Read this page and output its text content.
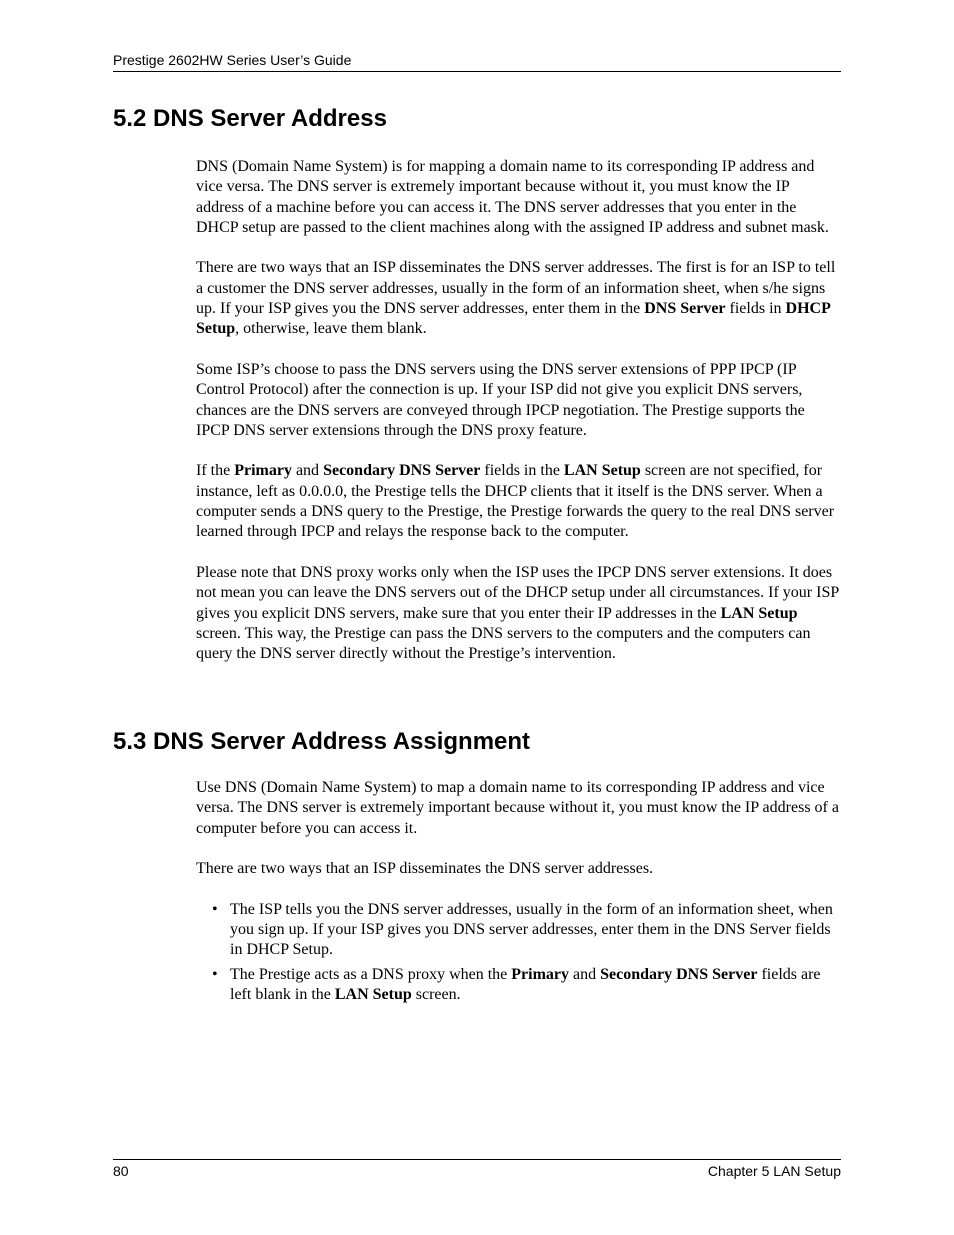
Prestige 2602HW Series User’s Guide
5.2 DNS Server Address

DNS (Domain Name System) is for mapping a domain name to its corresponding IP address and vice versa. The DNS server is extremely important because without it, you must know the IP address of a machine before you can access it. The DNS server addresses that you enter in the DHCP setup are passed to the client machines along with the assigned IP address and subnet mask.

There are two ways that an ISP disseminates the DNS server addresses. The first is for an ISP to tell a customer the DNS server addresses, usually in the form of an information sheet, when s/he signs up. If your ISP gives you the DNS server addresses, enter them in the DNS Server fields in DHCP Setup, otherwise, leave them blank.

Some ISP’s choose to pass the DNS servers using the DNS server extensions of PPP IPCP (IP Control Protocol) after the connection is up. If your ISP did not give you explicit DNS servers, chances are the DNS servers are conveyed through IPCP negotiation. The Prestige supports the IPCP DNS server extensions through the DNS proxy feature.

If the Primary and Secondary DNS Server fields in the LAN Setup screen are not specified, for instance, left as 0.0.0.0, the Prestige tells the DHCP clients that it itself is the DNS server. When a computer sends a DNS query to the Prestige, the Prestige forwards the query to the real DNS server learned through IPCP and relays the response back to the computer.

Please note that DNS proxy works only when the ISP uses the IPCP DNS server extensions. It does not mean you can leave the DNS servers out of the DHCP setup under all circumstances. If your ISP gives you explicit DNS servers, make sure that you enter their IP addresses in the LAN Setup screen. This way, the Prestige can pass the DNS servers to the computers and the computers can query the DNS server directly without the Prestige’s intervention.

5.3 DNS Server Address Assignment

Use DNS (Domain Name System) to map a domain name to its corresponding IP address and vice versa. The DNS server is extremely important because without it, you must know the IP address of a computer before you can access it.

There are two ways that an ISP disseminates the DNS server addresses.

• The ISP tells you the DNS server addresses, usually in the form of an information sheet, when you sign up. If your ISP gives you DNS server addresses, enter them in the DNS Server fields in DHCP Setup.
• The Prestige acts as a DNS proxy when the Primary and Secondary DNS Server fields are left blank in the LAN Setup screen.
80	Chapter 5 LAN Setup
